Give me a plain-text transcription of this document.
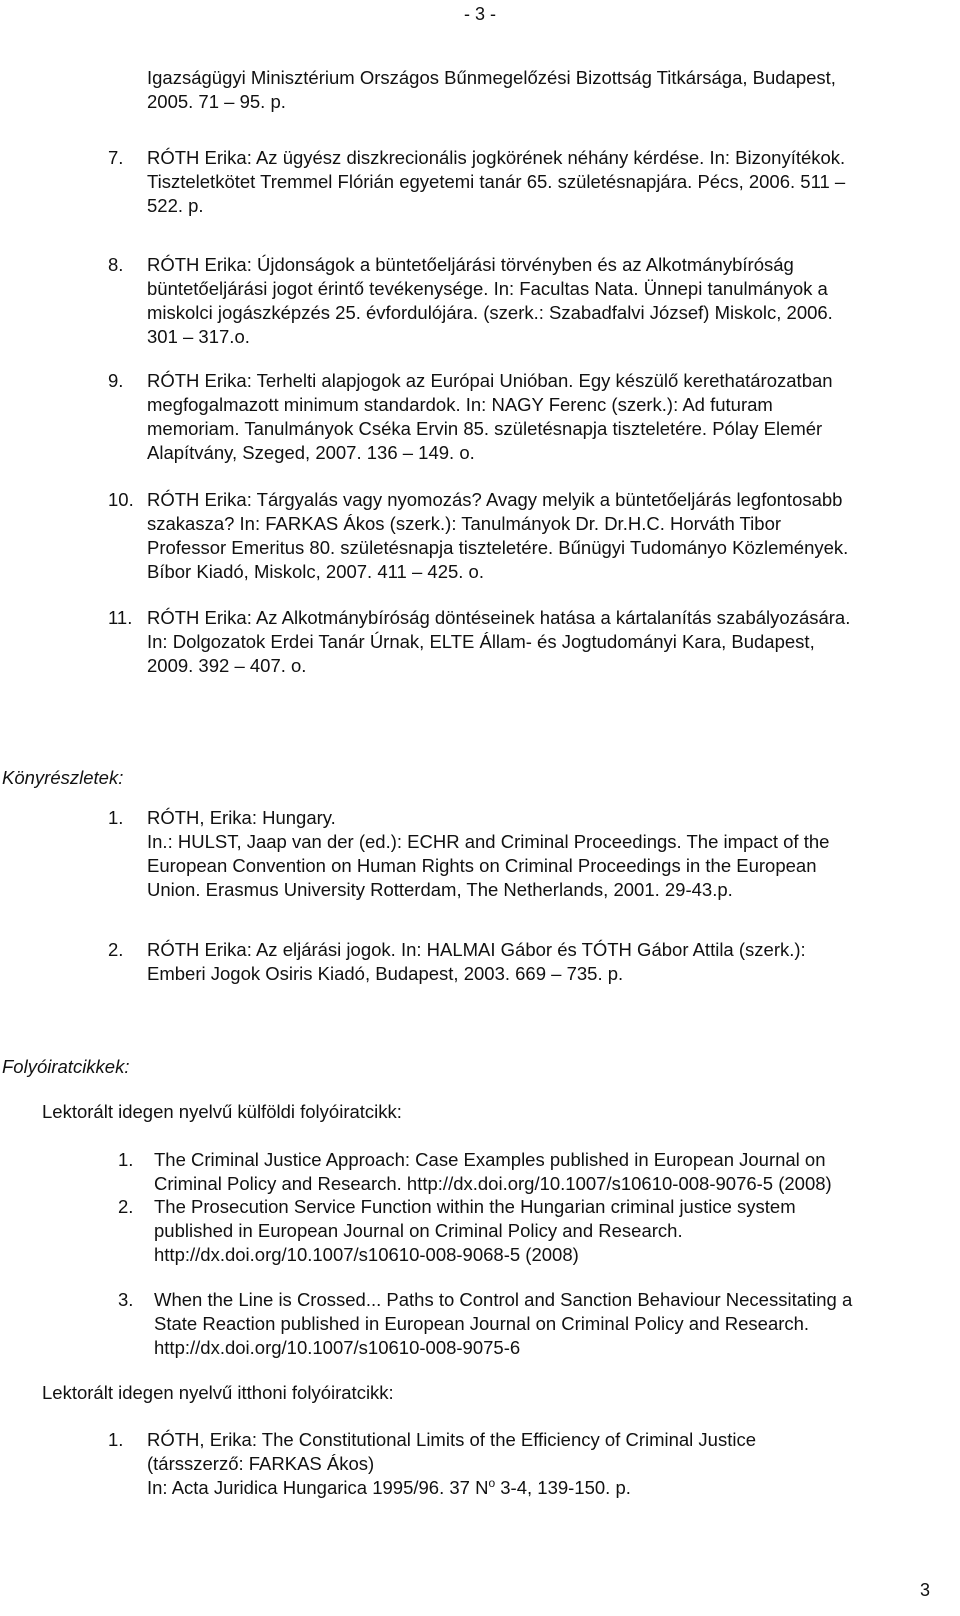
- 3 -
Igazságügyi Minisztérium Országos Bűnmegelőzési Bizottság Titkársága, Budapest,
2005. 71 – 95. p.
7. RÓTH Erika: Az ügyész diszkrecionális jogkörének néhány kérdése. In: Bizonyítékok.
Tiszteletkötet Tremmel Flórián egyetemi tanár 65. születésnapjára. Pécs, 2006. 511 –
522. p.
8. RÓTH Erika: Újdonságok a büntetőeljárási törvényben és az Alkotmánybíróság
büntetőeljárási jogot érintő tevékenysége. In: Facultas Nata. Ünnepi tanulmányok a
miskolci jogászképzés 25. évfordulójára. (szerk.: Szabadfalvi József) Miskolc, 2006.
301 – 317.o.
9. RÓTH Erika: Terhelti alapjogok az Európai Unióban. Egy készülő kerethatározatban
megfogalmazott minimum standardok. In: NAGY Ferenc (szerk.): Ad futuram
memoriam. Tanulmányok Cséka Ervin 85. születésnapja tiszteletére. Pólay Elemér
Alapítvány, Szeged, 2007. 136 – 149. o.
10. RÓTH Erika: Tárgyalás vagy nyomozás? Avagy melyik a büntetőeljárás legfontosabb
szakasza? In: FARKAS Ákos (szerk.): Tanulmányok Dr. Dr.H.C. Horváth Tibor
Professor Emeritus 80. születésnapja tiszteletére. Bűnügyi Tudományo Közlemények.
Bíbor Kiadó, Miskolc, 2007. 411 – 425. o.
11. RÓTH Erika: Az Alkotmánybíróság döntéseinek hatása a kártalanítás szabályozására.
In: Dolgozatok Erdei Tanár Úrnak, ELTE Állam- és Jogtudományi Kara, Budapest,
2009. 392 – 407. o.
Könyrészletek:
1. RÓTH, Erika: Hungary.
In.: HULST, Jaap van der (ed.): ECHR and Criminal Proceedings. The impact of the
European Convention on Human Rights on Criminal Proceedings in the European
Union. Erasmus University Rotterdam, The Netherlands, 2001. 29-43.p.
2. RÓTH Erika: Az eljárási jogok. In: HALMAI Gábor és TÓTH Gábor Attila (szerk.):
Emberi Jogok Osiris Kiadó, Budapest, 2003. 669 – 735. p.
Folyóiratcikkek:
Lektorált idegen nyelvű külföldi folyóiratcikk:
1. The Criminal Justice Approach: Case Examples published in European Journal on
Criminal Policy and Research. http://dx.doi.org/10.1007/s10610-008-9076-5 (2008)
2. The Prosecution Service Function within the Hungarian criminal justice system
published in European Journal on Criminal Policy and Research.
http://dx.doi.org/10.1007/s10610-008-9068-5 (2008)
3. When the Line is Crossed... Paths to Control and Sanction Behaviour Necessitating a
State Reaction published in European Journal on Criminal Policy and Research.
http://dx.doi.org/10.1007/s10610-008-9075-6
Lektorált idegen nyelvű itthoni folyóiratcikk:
1. RÓTH, Erika: The Constitutional Limits of the Efficiency of Criminal Justice
(társszerző: FARKAS Ákos)
In: Acta Juridica Hungarica 1995/96. 37 $N^o$ 3-4, 139-150. p.
3
